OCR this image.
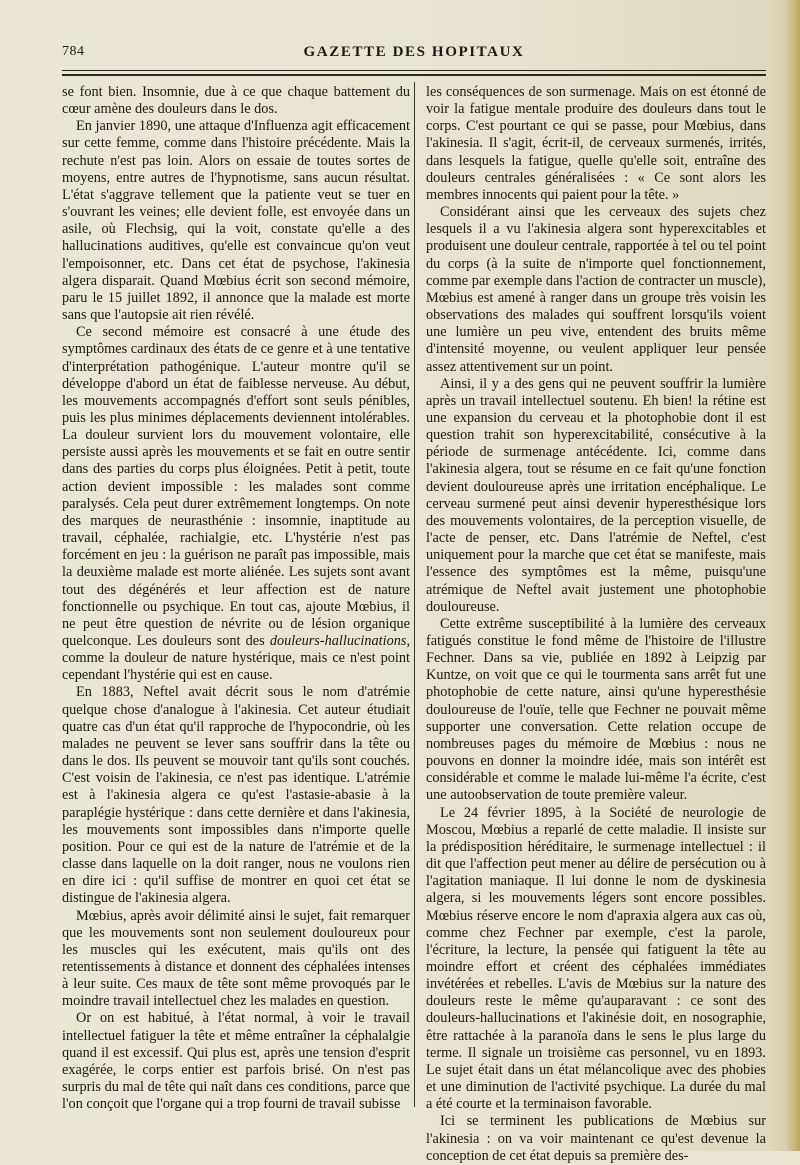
784	GAZETTE DES HOPITAUX

se font bien. Insomnie, due à ce que chaque battement du cœur amène des douleurs dans le dos.

En janvier 1890, une attaque d'Influenza agit efficacement sur cette femme, comme dans l'histoire précédente. Mais la rechute n'est pas loin. Alors on essaie de toutes sortes de moyens, entre autres de l'hypnotisme, sans aucun résultat. L'état s'aggrave tellement que la patiente veut se tuer en s'ouvrant les veines; elle devient folle, est envoyée dans un asile, où Flechsig, qui la voit, constate qu'elle a des hallucinations auditives, qu'elle est convaincue qu'on veut l'empoisonner, etc. Dans cet état de psychose, l'akinesia algera disparait. Quand Mœbius écrit son second mémoire, paru le 15 juillet 1892, il annonce que la malade est morte sans que l'autopsie ait rien révélé.

Ce second mémoire est consacré à une étude des symptômes cardinaux des états de ce genre et à une tentative d'interprétation pathogénique. L'auteur montre qu'il se développe d'abord un état de faiblesse nerveuse. Au début, les mouvements accompagnés d'effort sont seuls pénibles, puis les plus minimes déplacements deviennent intolérables. La douleur survient lors du mouvement volontaire, elle persiste aussi après les mouvements et se fait en outre sentir dans des parties du corps plus éloignées. Petit à petit, toute action devient impossible : les malades sont comme paralysés. Cela peut durer extrêmement longtemps. On note des marques de neurasthénie : insomnie, inaptitude au travail, céphalée, rachialgie, etc. L'hystérie n'est pas forcément en jeu : la guérison ne paraît pas impossible, mais la deuxième malade est morte aliénée. Les sujets sont avant tout des dégénérés et leur affection est de nature fonctionnelle ou psychique. En tout cas, ajoute Mœbius, il ne peut être question de névrite ou de lésion organique quelconque. Les douleurs sont des douleurs-hallucinations, comme la douleur de nature hystérique, mais ce n'est point cependant l'hystérie qui est en cause.

En 1883, Neftel avait décrit sous le nom d'atrémie quelque chose d'analogue à l'akinesia. Cet auteur étudiait quatre cas d'un état qu'il rapproche de l'hypocondrie, où les malades ne peuvent se lever sans souffrir dans la tête ou dans le dos. Ils peuvent se mouvoir tant qu'ils sont couchés. C'est voisin de l'akinesia, ce n'est pas identique. L'atrémie est à l'akinesia algera ce qu'est l'astasie-abasie à la paraplégie hystérique : dans cette dernière et dans l'akinesia, les mouvements sont impossibles dans n'importe quelle position. Pour ce qui est de la nature de l'atrémie et de la classe dans laquelle on la doit ranger, nous ne voulons rien en dire ici : qu'il suffise de montrer en quoi cet état se distingue de l'akinesia algera.

Mœbius, après avoir délimité ainsi le sujet, fait remarquer que les mouvements sont non seulement douloureux pour les muscles qui les exécutent, mais qu'ils ont des retentissements à distance et donnent des céphalées intenses à leur suite. Ces maux de tête sont même provoqués par le moindre travail intellectuel chez les malades en question.

Or on est habitué, à l'état normal, à voir le travail intellectuel fatiguer la tête et même entraîner la céphalalgie quand il est excessif. Qui plus est, après une tension d'esprit exagérée, le corps entier est parfois brisé. On n'est pas surpris du mal de tête qui naît dans ces conditions, parce que l'on conçoit que l'organe qui a trop fourni de travail subisse

les conséquences de son surmenage. Mais on est étonné de voir la fatigue mentale produire des douleurs dans tout le corps. C'est pourtant ce qui se passe, pour Mœbius, dans l'akinesia. Il s'agit, écrit-il, de cerveaux surmenés, irrités, dans lesquels la fatigue, quelle qu'elle soit, entraîne des douleurs centrales généralisées : « Ce sont alors les membres innocents qui paient pour la tête. »

Considérant ainsi que les cerveaux des sujets chez lesquels il a vu l'akinesia algera sont hyperexcitables et produisent une douleur centrale, rapportée à tel ou tel point du corps (à la suite de n'importe quel fonctionnement, comme par exemple dans l'action de contracter un muscle), Mœbius est amené à ranger dans un groupe très voisin les observations des malades qui souffrent lorsqu'ils voient une lumière un peu vive, entendent des bruits même d'intensité moyenne, ou veulent appliquer leur pensée assez attentivement sur un point.

Ainsi, il y a des gens qui ne peuvent souffrir la lumière après un travail intellectuel soutenu. Eh bien! la rétine est une expansion du cerveau et la photophobie dont il est question trahit son hyperexcitabilité, consécutive à la période de surmenage antécédente. Ici, comme dans l'akinesia algera, tout se résume en ce fait qu'une fonction devient douloureuse après une irritation encéphalique. Le cerveau surmené peut ainsi devenir hyperesthésique lors des mouvements volontaires, de la perception visuelle, de l'acte de penser, etc. Dans l'atrémie de Neftel, c'est uniquement pour la marche que cet état se manifeste, mais l'essence des symptômes est la même, puisqu'une atrémique de Neftel avait justement une photophobie douloureuse.

Cette extrême susceptibilité à la lumière des cerveaux fatigués constitue le fond même de l'histoire de l'illustre Fechner. Dans sa vie, publiée en 1892 à Leipzig par Kuntze, on voit que ce qui le tourmenta sans arrêt fut une photophobie de cette nature, ainsi qu'une hyperesthésie douloureuse de l'ouïe, telle que Fechner ne pouvait même supporter une conversation. Cette relation occupe de nombreuses pages du mémoire de Mœbius : nous ne pouvons en donner la moindre idée, mais son intérêt est considérable et comme le malade lui-même l'a écrite, c'est une autoobservation de toute première valeur.

Le 24 février 1895, à la Société de neurologie de Moscou, Mœbius a reparlé de cette maladie. Il insiste sur la prédisposition héréditaire, le surmenage intellectuel : il dit que l'affection peut mener au délire de persécution ou à l'agitation maniaque. Il lui donne le nom de dyskinesia algera, si les mouvements légers sont encore possibles. Mœbius réserve encore le nom d'apraxia algera aux cas où, comme chez Fechner par exemple, c'est la parole, l'écriture, la lecture, la pensée qui fatiguent la tête au moindre effort et créent des céphalées immédiates invétérées et rebelles. L'avis de Mœbius sur la nature des douleurs reste le même qu'auparavant : ce sont des douleurs-hallucinations et l'akinésie doit, en nosographie, être rattachée à la paranoïa dans le sens le plus large du terme. Il signale un troisième cas personnel, vu en 1893. Le sujet était dans un état mélancolique avec des phobies et une diminution de l'activité psychique. La durée du mal a été courte et la terminaison favorable.

Ici se terminent les publications de Mœbius sur l'akinesia : on va voir maintenant ce qu'est devenue la conception de cet état depuis sa première des-
